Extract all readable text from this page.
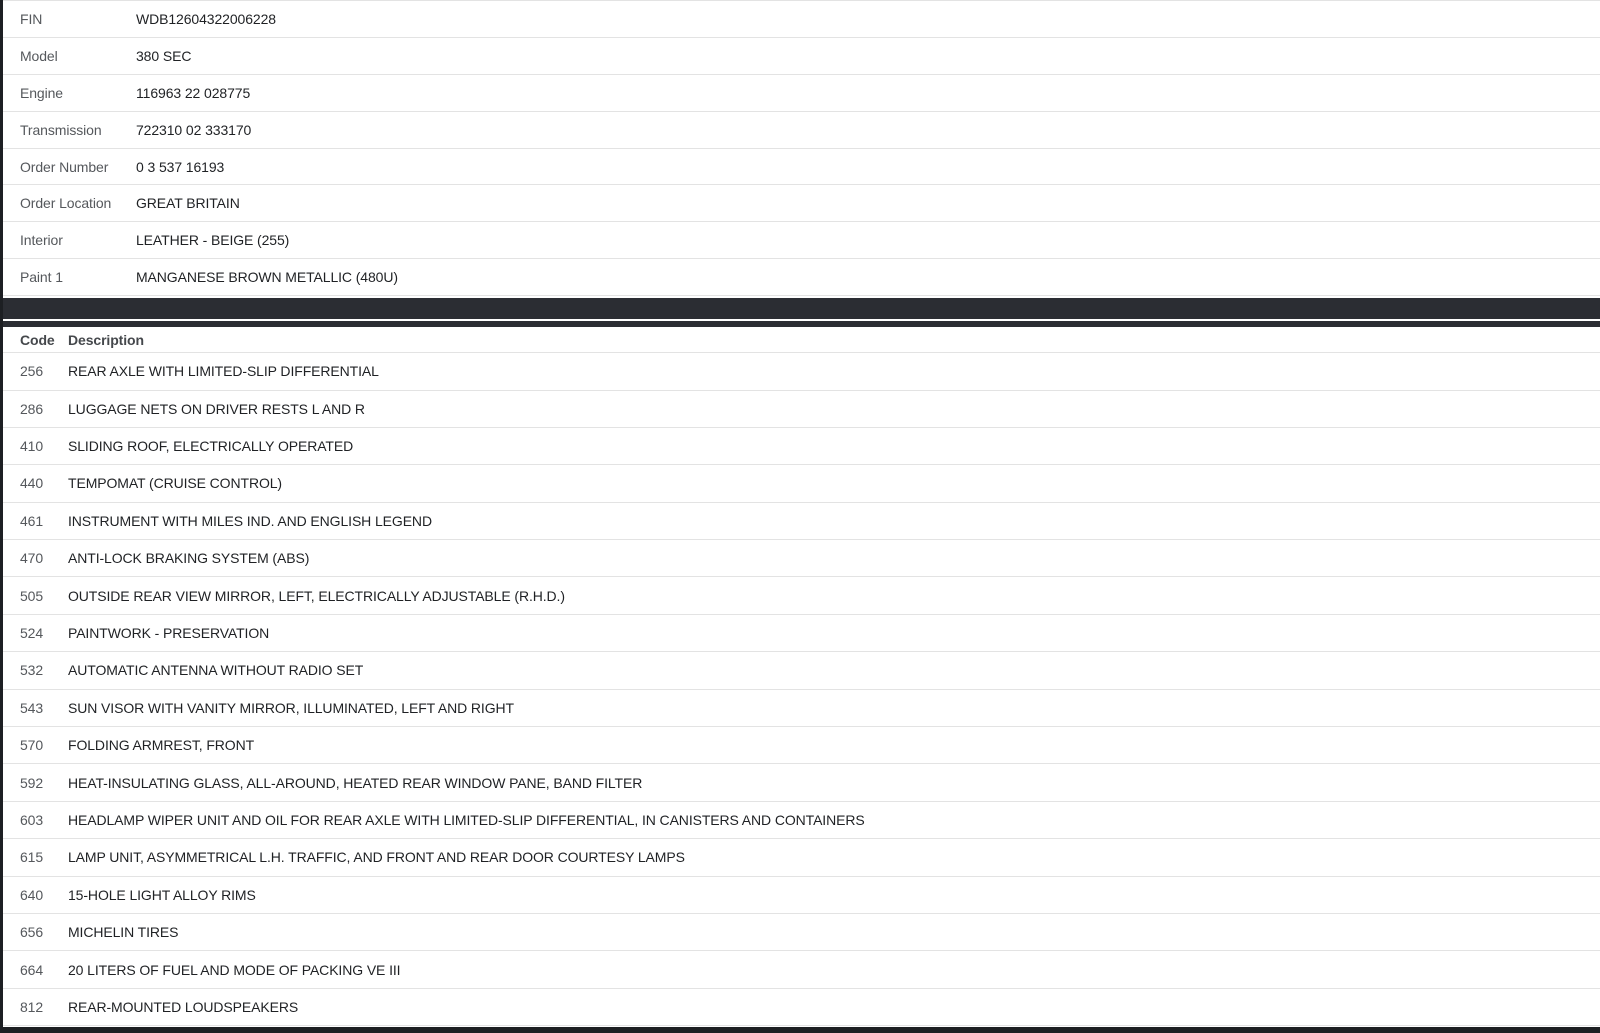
FIN	WDB12604322006228
Model	380 SEC
Engine	116963 22 028775
Transmission	722310 02 333170
Order Number	0 3 537 16193
Order Location	GREAT BRITAIN
Interior	LEATHER - BEIGE (255)
Paint 1	MANGANESE BROWN METALLIC (480U)
Code Description
256	REAR AXLE WITH LIMITED-SLIP DIFFERENTIAL
286	LUGGAGE NETS ON DRIVER RESTS L AND R
410	SLIDING ROOF, ELECTRICALLY OPERATED
440	TEMPOMAT (CRUISE CONTROL)
461	INSTRUMENT WITH MILES IND. AND ENGLISH LEGEND
470	ANTI-LOCK BRAKING SYSTEM (ABS)
505	OUTSIDE REAR VIEW MIRROR, LEFT, ELECTRICALLY ADJUSTABLE (R.H.D.)
524	PAINTWORK - PRESERVATION
532	AUTOMATIC ANTENNA WITHOUT RADIO SET
543	SUN VISOR WITH VANITY MIRROR, ILLUMINATED, LEFT AND RIGHT
570	FOLDING ARMREST, FRONT
592	HEAT-INSULATING GLASS, ALL-AROUND, HEATED REAR WINDOW PANE, BAND FILTER
603	HEADLAMP WIPER UNIT AND OIL FOR REAR AXLE WITH LIMITED-SLIP DIFFERENTIAL, IN CANISTERS AND CONTAINERS
615	LAMP UNIT, ASYMMETRICAL L.H. TRAFFIC, AND FRONT AND REAR DOOR COURTESY LAMPS
640	15-HOLE LIGHT ALLOY RIMS
656	MICHELIN TIRES
664	20 LITERS OF FUEL AND MODE OF PACKING VE III
812	REAR-MOUNTED LOUDSPEAKERS
